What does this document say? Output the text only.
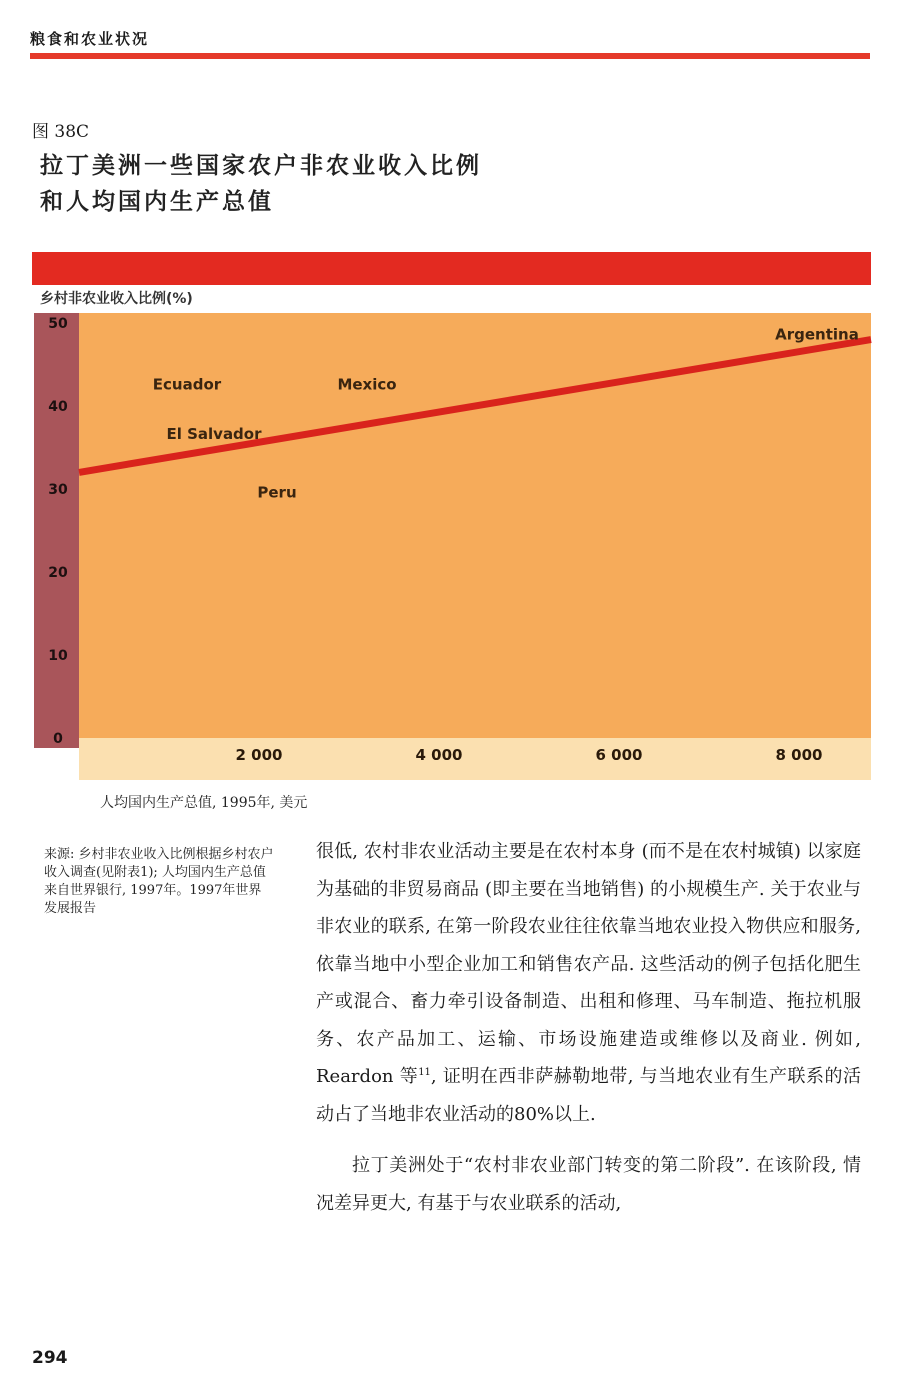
粮食和农业状况
图 38C
拉丁美洲一些国家农户非农业收入比例
和人均国内生产总值
乡村非农业收入比例(%)
0
10
20
30
40
50
2 000	4 000	6 000	8 000
Ecuador
El Salvador
Mexico
Peru
Argentina
人均国内生产总值, 1995年, 美元
来源: 乡村非农业收入比例根据乡村农户收入调查(见附表1); 人均国内生产总值来自世界银行, 1997年。1997年世界发展报告

很低, 农村非农业活动主要是在农村本身 (而不是在农村城镇) 以家庭为基础的非贸易商品 (即主要在当地销售) 的小规模生产. 关于农业与非农业的联系, 在第一阶段农业往往依靠当地农业投入物供应和服务, 依靠当地中小型企业加工和销售农产品. 这些活动的例子包括化肥生产或混合、畜力牵引设备制造、出租和修理、马车制造、拖拉机服务、农产品加工、运输、市场设施建造或维修以及商业. 例如, Reardon 等$^{11}$, 证明在西非萨赫勒地带, 与当地农业有生产联系的活动占了当地非农业活动的80%以上.

拉丁美洲处于“农村非农业部门转变的第二阶段”. 在该阶段, 情况差异更大, 有基于与农业联系的活动,

294
